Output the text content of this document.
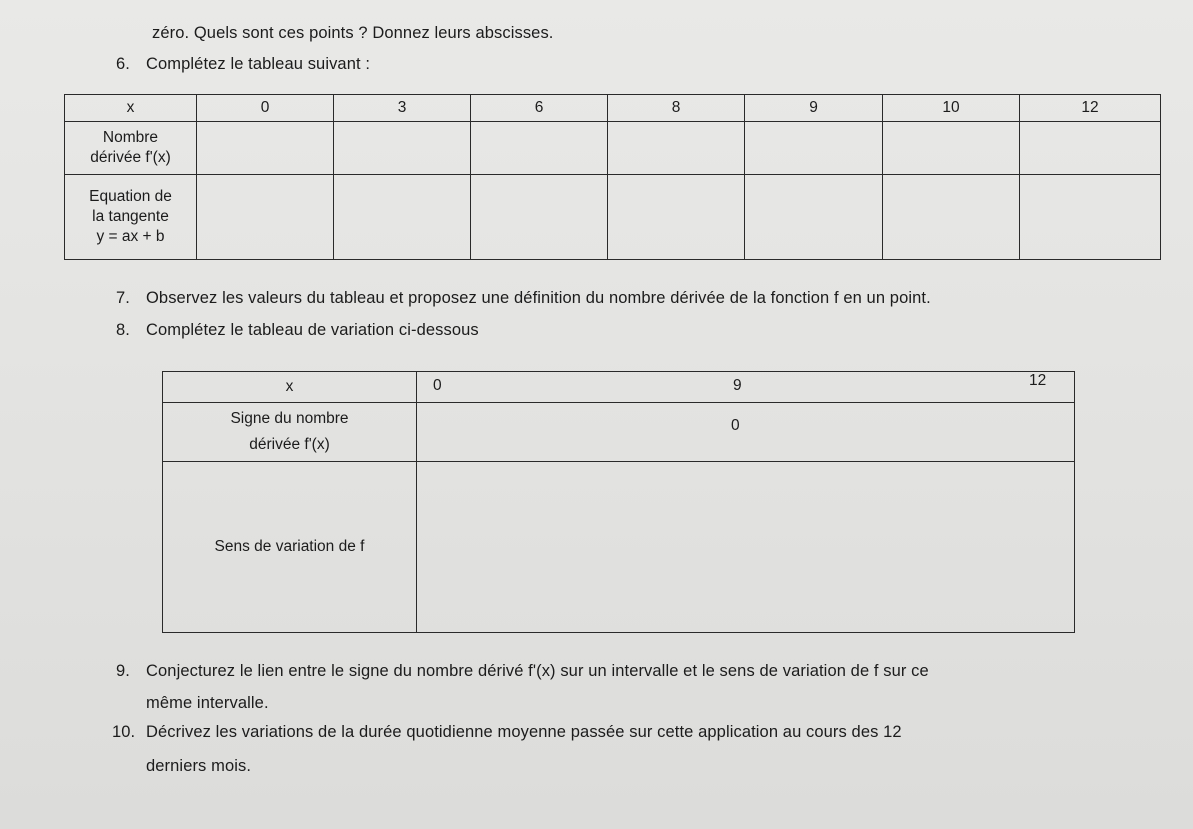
zéro. Quels sont ces points ? Donnez leurs abscisses.
6. Complétez le tableau suivant :
x	0	3	6	8	9	10	12

Nombre
dérivée f'(x)							

Equation de
la tangente
y = ax + b							

7. Observez les valeurs du tableau et proposez une définition du nombre dérivée de la fonction f en un point.
8. Complétez le tableau de variation ci-dessous
x	0 9 12

Signe du nombre
dérivée f'(x)	0

Sens de variation de f	
9. Conjecturez le lien entre le signe du nombre dérivé f'(x) sur un intervalle et le sens de variation de f sur ce
même intervalle.
10. Décrivez les variations de la durée quotidienne moyenne passée sur cette application au cours des 12
derniers mois.
